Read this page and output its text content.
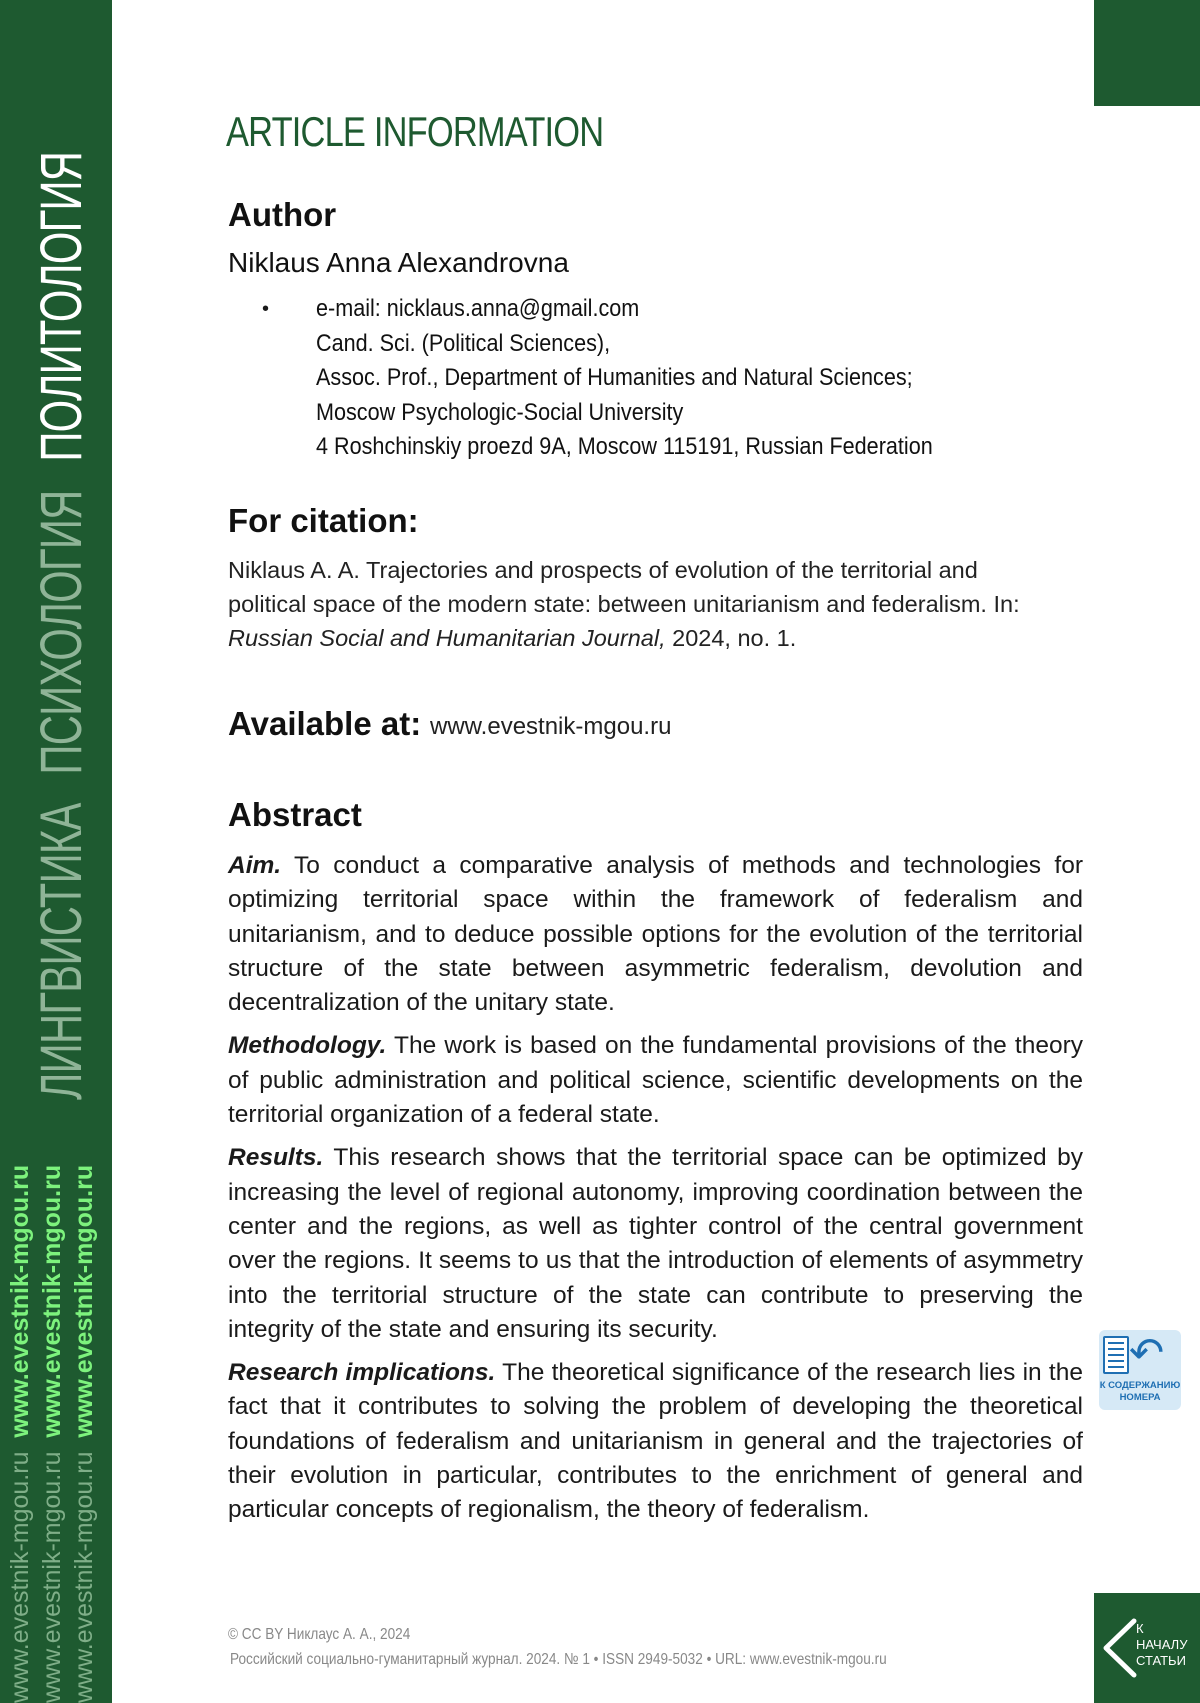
ЛИНГВИСТИКАПСИХОЛОГИЯПОЛИТОЛОГИЯ
www.evestnik-mgou.ru  www.evestnik-mgou.ru
www.evestnik-mgou.ru  www.evestnik-mgou.ru
www.evestnik-mgou.ru  www.evestnik-mgou.ru
ARTICLE INFORMATION
Author
Niklaus Anna Alexandrovna
• e-mail: nicklaus.anna@gmail.com
Cand. Sci. (Political Sciences),
Assoc. Prof., Department of Humanities and Natural Sciences;
Moscow Psychologic-Social University
4 Roshchinskiy proezd 9A, Moscow 115191, Russian Federation
For citation:
Niklaus A. A. Trajectories and prospects of evolution of the territorial and political space of the modern state: between unitarianism and federalism. In: Russian Social and Humanitarian Journal, 2024, no. 1.
Available at: www.evestnik-mgou.ru
Abstract

Aim. To conduct a comparative analysis of methods and technologies for optimizing territorial space within the framework of federalism and unitarianism, and to deduce possible options for the evolution of the territorial structure of the state between asymmetric federalism, devolution and decentralization of the unitary state.

Methodology. The work is based on the fundamental provisions of the theory of public administration and political science, scientific developments on the territorial organization of a federal state.

Results. This research shows that the territorial space can be optimized by increasing the level of regional autonomy, improving coordination between the center and the regions, as well as tighter control of the central government over the regions. It seems to us that the introduction of elements of asymmetry into the territorial structure of the state can contribute to preserving the integrity of the state and ensuring its security.

Research implications. The theoretical significance of the research lies in the fact that it contributes to solving the problem of developing the theoretical foundations of federalism and unitarianism in general and the trajectories of their evolution in particular, contributes to the enrichment of general and particular concepts of regionalism, the theory of federalism.

↶
К СОДЕРЖАНИЮ
НОМЕРА
К
НАЧАЛУ
СТАТЬИ
© CC BY Никлаус А. А., 2024
Российский социально-гуманитарный журнал. 2024. № 1 • ISSN 2949-5032 • URL: www.evestnik-mgou.ru
